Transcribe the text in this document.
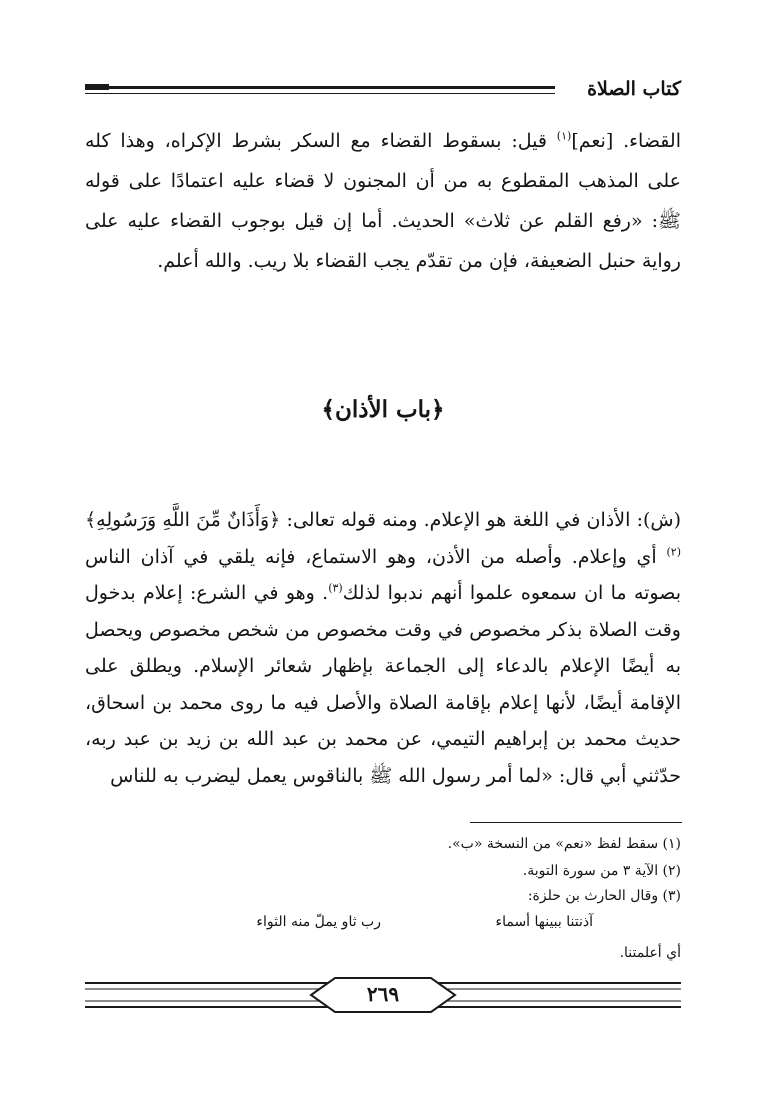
كتاب الصلاة

القضاء. [نعم]$^{(١)}$ قيل: بسقوط القضاء مع السكر بشرط الإكراه، وهذا كله على المذهب المقطوع به من أن المجنون لا قضاء عليه اعتمادًا على قوله ﷺ: «رفع القلم عن ثلاث» الحديث. أما إن قيل بوجوب القضاء عليه على رواية حنبل الضعيفة، فإن من تقدّم يجب القضاء بلا ريب. والله أعلم.

﴿باب الأذان﴾

(ش): الأذان في اللغة هو الإعلام. ومنه قوله تعالى: ﴿وَأَذَانٌ مِّنَ اللَّهِ وَرَسُولِهِ﴾$^{(٢)}$ أي وإعلام. وأصله من الأذن، وهو الاستماع، فإنه يلقي في آذان الناس بصوته ما ان سمعوه علموا أنهم ندبوا لذلك$^{(٣)}$. وهو في الشرع: إعلام بدخول وقت الصلاة بذكر مخصوص في وقت مخصوص من شخص مخصوص ويحصل به أيضًا الإعلام بالدعاء إلى الجماعة بإظهار شعائر الإسلام. ويطلق على الإقامة أيضًا، لأنها إعلام بإقامة الصلاة والأصل فيه ما روى محمد بن اسحاق، حديث محمد بن إبراهيم التيمي، عن محمد بن عبد الله بن زيد بن عبد ربه، حدّثني أبي قال: «لما أمر رسول الله ﷺ بالناقوس يعمل ليضرب به للناس

(١) سقط لفظ «نعم» من النسخة «ب».
(٢) الآية ٣ من سورة التوبة.
(٣) وقال الحارث بن حلزة:
آذنتنا ببينها أسماء
رب ثاو يملّ منه الثواء
أي أعلمتنا.
٢٦٩
